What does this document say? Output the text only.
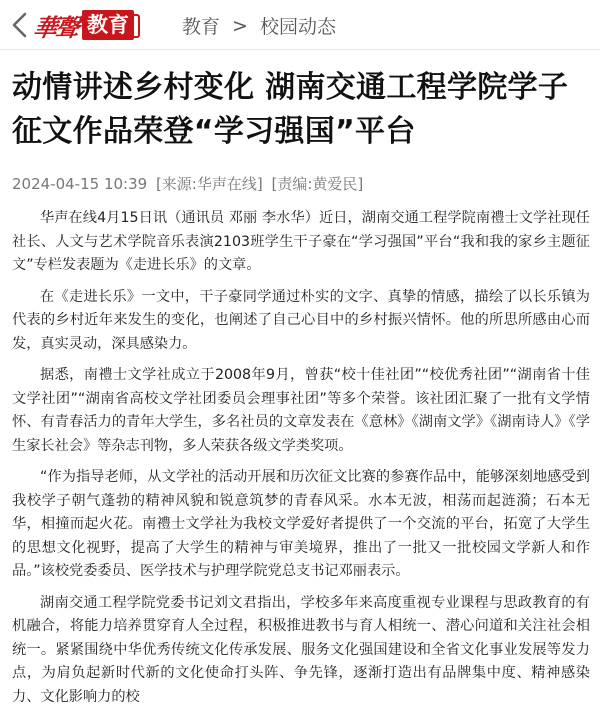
華聲 教育	教育 > 校园动态
动情讲述乡村变化 湖南交通工程学院学子征文作品荣登“学习强国”平台
2024-04-15 10:39 [来源:华声在线] [责编:黄爱民]

华声在线4月15日讯（通讯员 邓丽 李水华）近日，湖南交通工程学院南禮士文学社现任社长、人文与艺术学院音乐表演2103班学生干子豪在“学习强国”平台“我和我的家乡主题征文”专栏发表题为《走进长乐》的文章。

在《走进长乐》一文中，干子豪同学通过朴实的文字、真挚的情感，描绘了以长乐镇为代表的乡村近年来发生的变化，也阐述了自己心目中的乡村振兴情怀。他的所思所感由心而发，真实灵动，深具感染力。

据悉，南禮士文学社成立于2008年9月，曾获“校十佳社团”“校优秀社团”“湖南省十佳文学社团”“湖南省高校文学社团委员会理事社团”等多个荣誉。该社团汇聚了一批有文学情怀、有青春活力的青年大学生，多名社员的文章发表在《意林》《湖南文学》《湖南诗人》《学生家长社会》等杂志刊物，多人荣获各级文学类奖项。

“作为指导老师，从文学社的活动开展和历次征文比赛的参赛作品中，能够深刻地感受到我校学子朝气蓬勃的精神风貌和锐意筑梦的青春风采。水本无波，相荡而起涟漪；石本无华，相撞而起火花。南禮士文学社为我校文学爱好者提供了一个交流的平台，拓宽了大学生的思想文化视野，提高了大学生的精神与审美境界，推出了一批又一批校园文学新人和作品。”该校党委委员、医学技术与护理学院党总支书记邓丽表示。

湖南交通工程学院党委书记刘文君指出，学校多年来高度重视专业课程与思政教育的有机融合，将能力培养贯穿育人全过程，积极推进教书与育人相统一、潜心问道和关注社会相统一。紧紧围绕中华优秀传统文化传承发展、服务文化强国建设和全省文化事业发展等发力点，为肩负起新时代新的文化使命打头阵、争先锋，逐渐打造出有品牌集中度、精神感染力、文化影响力的校
